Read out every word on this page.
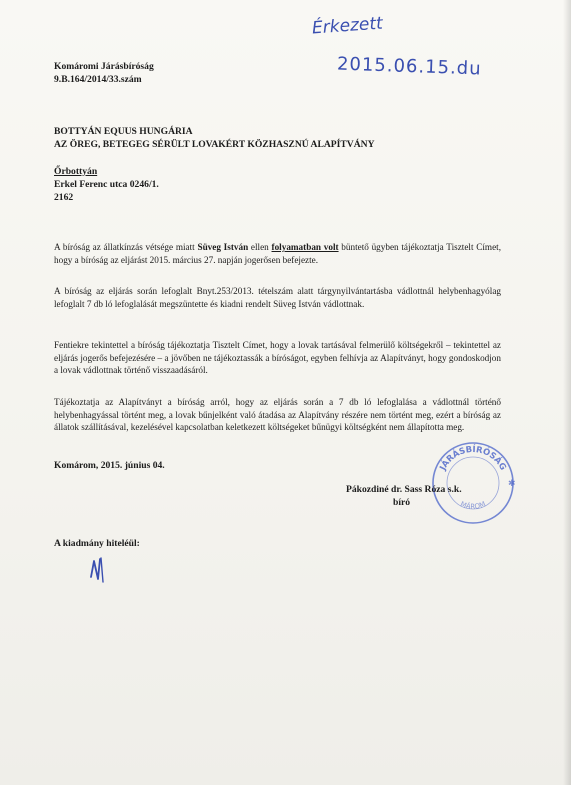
Érkezett
2015.06.15.du
Komáromi Járásbíróság
9.B.164/2014/33.szám
BOTTYÁN EQUUS HUNGÁRIA
AZ ÖREG, BETEGEG SÉRÜLT LOVAKÉRT KÖZHASZNÚ ALAPÍTVÁNY
Őrbottyán
Erkel Ferenc utca 0246/1.
2162
A bíróság az állatkínzás vétsége miatt Süveg István ellen folyamatban volt büntető ügyben tájékoztatja Tisztelt Címet, hogy a bíróság az eljárást 2015. március 27. napján jogerősen befejezte.
A bíróság az eljárás során lefoglalt Bnyt.253/2013. tételszám alatt tárgynyilvántartásba vádlottnál helybenhagyólag lefoglalt 7 db ló lefoglalását megszüntette és kiadni rendelt Süveg István vádlottnak.
Fentiekre tekintettel a bíróság tájékoztatja Tisztelt Címet, hogy a lovak tartásával felmerülő költségekről – tekintettel az eljárás jogerős befejezésére – a jövőben ne tájékoztassák a bíróságot, egyben felhívja az Alapítványt, hogy gondoskodjon a lovak vádlottnak történő visszaadásáról.
Tájékoztatja az Alapítványt a bíróság arról, hogy az eljárás során a 7 db ló lefoglalása a vádlottnál történő helybenhagyással történt meg, a lovak bűnjelként való átadása az Alapítvány részére nem történt meg, ezért a bíróság az állatok szállításával, kezelésével kapcsolatban keletkezett költségeket bűnügyi költségként nem állapította meg.
Komárom, 2015. június 04.	JÁRÁSBÍRÓSÁG
MÁROM
✱
Pákozdiné dr. Sass Róza s.k.
bíró
A kiadmány hiteléül:
